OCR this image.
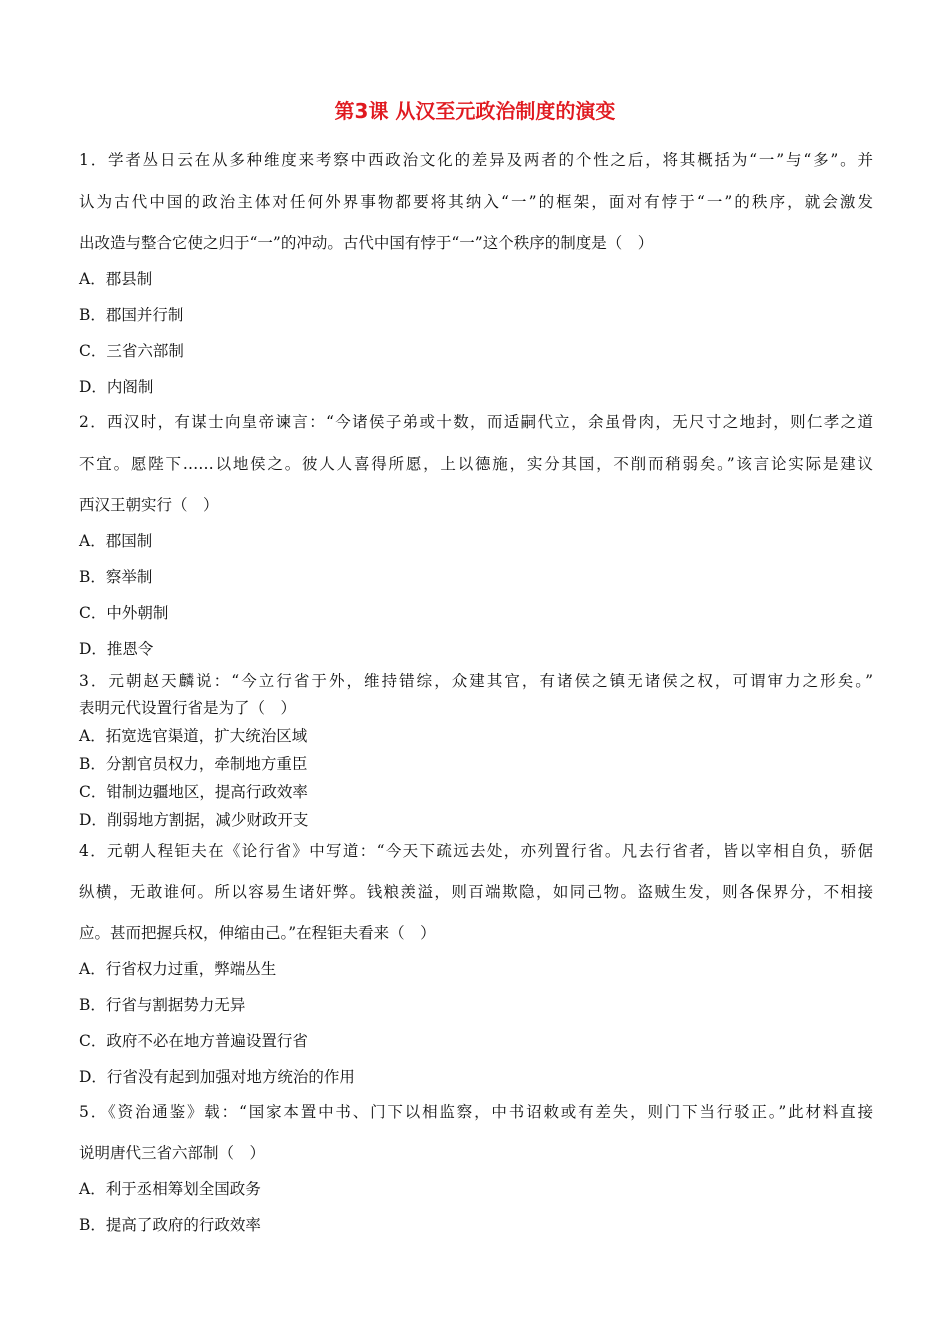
第3课 从汉至元政治制度的演变

1．学者丛日云在从多种维度来考察中西政治文化的差异及两者的个性之后，将其概括为“一”与“多”。并

认为古代中国的政治主体对任何外界事物都要将其纳入“一”的框架，面对有悖于“一”的秩序，就会激发

出改造与整合它使之归于“一”的冲动。古代中国有悖于“一”这个秩序的制度是（　）

A．郡县制

B．郡国并行制

C．三省六部制

D．内阁制

2．西汉时，有谋士向皇帝谏言：“今诸侯子弟或十数，而适嗣代立，余虽骨肉，无尺寸之地封，则仁孝之道

不宜。愿陛下……以地侯之。彼人人喜得所愿，上以德施，实分其国，不削而稍弱矣。”该言论实际是建议

西汉王朝实行（　）

A．郡国制

B．察举制

C．中外朝制

D．推恩令

3．元朝赵天麟说：“今立行省于外，维持错综，众建其官，有诸侯之镇无诸侯之权，可谓审力之形矣。”

表明元代设置行省是为了（　）

A．拓宽选官渠道，扩大统治区域

B．分割官员权力，牵制地方重臣

C．钳制边疆地区，提高行政效率

D．削弱地方割据，减少财政开支

4．元朝人程钜夫在《论行省》中写道：“今天下疏远去处，亦列置行省。凡去行省者，皆以宰相自负，骄倨

纵横，无敢谁何。所以容易生诸奸弊。钱粮羡溢，则百端欺隐，如同己物。盗贼生发，则各保界分，不相接

应。甚而把握兵权，伸缩由己。”在程钜夫看来（　）

A．行省权力过重，弊端丛生

B．行省与割据势力无异

C．政府不必在地方普遍设置行省

D．行省没有起到加强对地方统治的作用

5．《资治通鉴》载：“国家本置中书、门下以相监察，中书诏敕或有差失，则门下当行驳正。”此材料直接

说明唐代三省六部制（　）

A．利于丞相筹划全国政务

B．提高了政府的行政效率
